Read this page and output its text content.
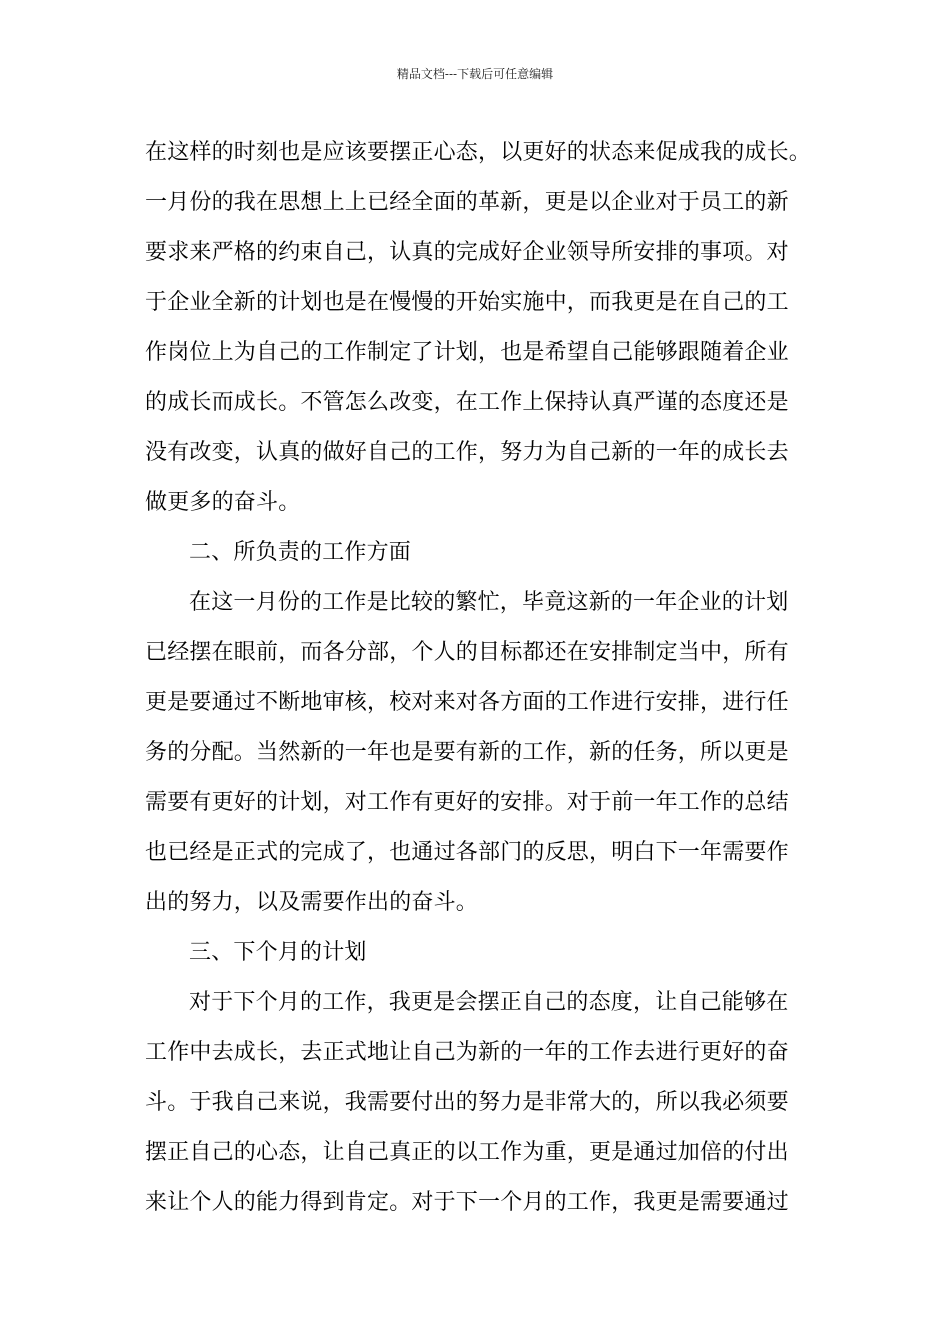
精品文档---下载后可任意编辑
在这样的时刻也是应该要摆正心态，以更好的状态来促成我的成长。
一月份的我在思想上上已经全面的革新，更是以企业对于员工的新
要求来严格的约束自己，认真的完成好企业领导所安排的事项。对
于企业全新的计划也是在慢慢的开始实施中，而我更是在自己的工
作岗位上为自己的工作制定了计划，也是希望自己能够跟随着企业
的成长而成长。不管怎么改变，在工作上保持认真严谨的态度还是
没有改变，认真的做好自己的工作，努力为自己新的一年的成长去
做更多的奋斗。
二、所负责的工作方面
在这一月份的工作是比较的繁忙，毕竟这新的一年企业的计划
已经摆在眼前，而各分部，个人的目标都还在安排制定当中，所有
更是要通过不断地审核，校对来对各方面的工作进行安排，进行任
务的分配。当然新的一年也是要有新的工作，新的任务，所以更是
需要有更好的计划，对工作有更好的安排。对于前一年工作的总结
也已经是正式的完成了，也通过各部门的反思，明白下一年需要作
出的努力，以及需要作出的奋斗。
三、下个月的计划
对于下个月的工作，我更是会摆正自己的态度，让自己能够在
工作中去成长，去正式地让自己为新的一年的工作去进行更好的奋
斗。于我自己来说，我需要付出的努力是非常大的，所以我必须要
摆正自己的心态，让自己真正的以工作为重，更是通过加倍的付出
来让个人的能力得到肯定。对于下一个月的工作，我更是需要通过
